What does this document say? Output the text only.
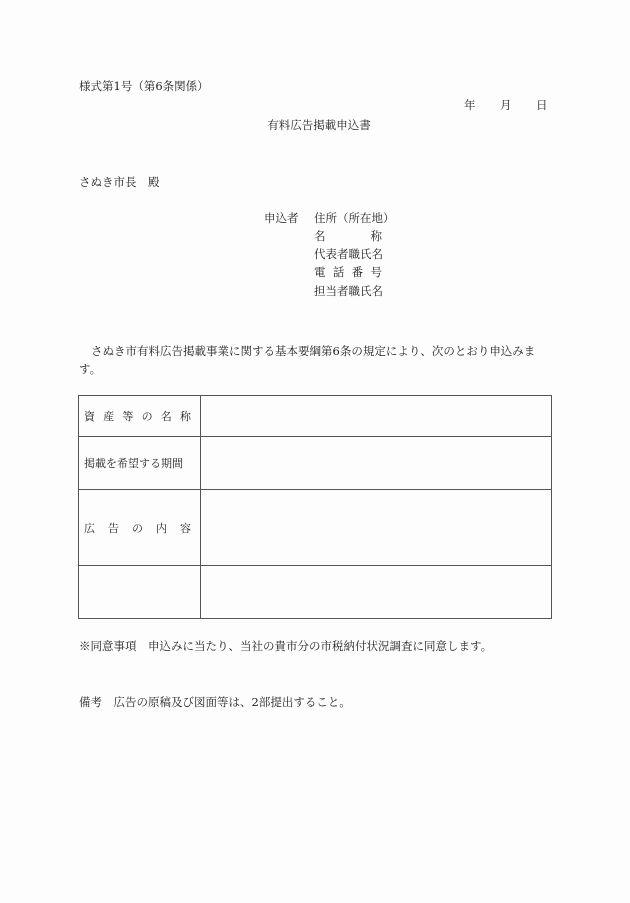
様式第1号（第6条関係）
年 月 日
有料広告掲載申込書
さぬき市長　殿
申込者 住所（所在地）
名	称
代表者職氏名
電 話 番 号
担当者職氏名
さぬき市有料広告掲載事業に関する基本要綱第6条の規定により、次のとおり申込みます。
資 産 等 の 名 称

掲載を希望する期間	

広 告 の 内 容	

※同意事項　申込みに当たり、当社の貴市分の市税納付状況調査に同意します。
備考　広告の原稿及び図面等は、2部提出すること。
